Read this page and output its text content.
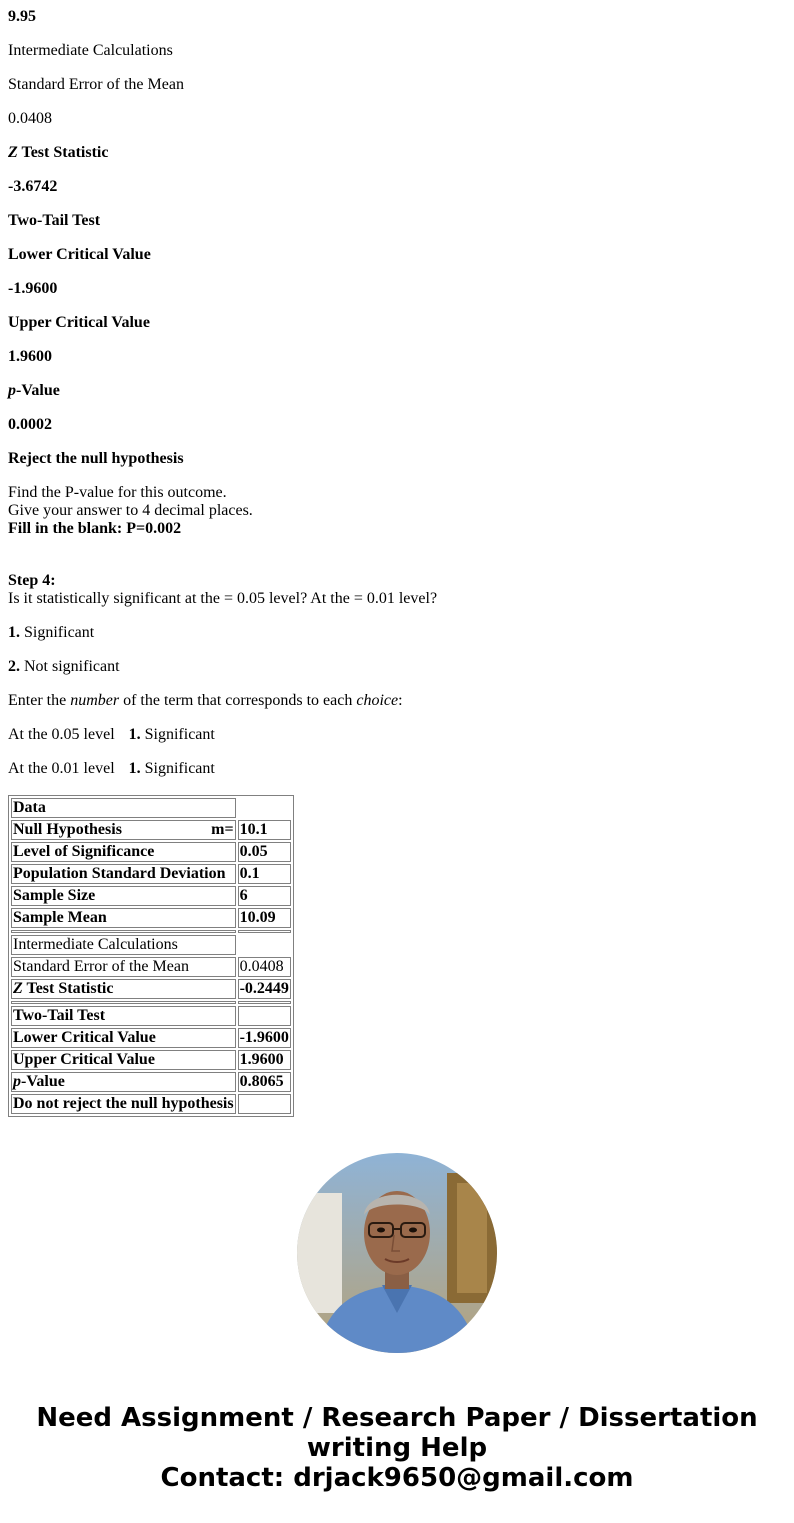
9.95
Intermediate Calculations
Standard Error of the Mean
0.0408
Z Test Statistic
-3.6742
Two-Tail Test
Lower Critical Value
-1.9600
Upper Critical Value
1.9600
p-Value
0.0002
Reject the null hypothesis
Find the P-value for this outcome.
Give your answer to 4 decimal places.
Fill in the blank: P=0.002
Step 4:
Is it statistically significant at the = 0.05 level? At the = 0.01 level?
1. Significant
2. Not significant
Enter the number of the term that corresponds to each choice:
At the 0.05 level 1. Significant
At the 0.01 level 1. Significant
Data	

Null Hypothesis m=	10.1
Level of Significance	0.05
Population Standard Deviation	0.1
Sample Size	6
Sample Mean	10.09

Intermediate Calculations	
Standard Error of the Mean	0.0408
Z Test Statistic	-0.2449

Two-Tail Test	
Lower Critical Value	-1.9600
Upper Critical Value	1.9600
p-Value	0.8065
Do not reject the null hypothesis	
Need Assignment / Research Paper / Dissertation
writing Help
Contact: drjack9650@gmail.com
